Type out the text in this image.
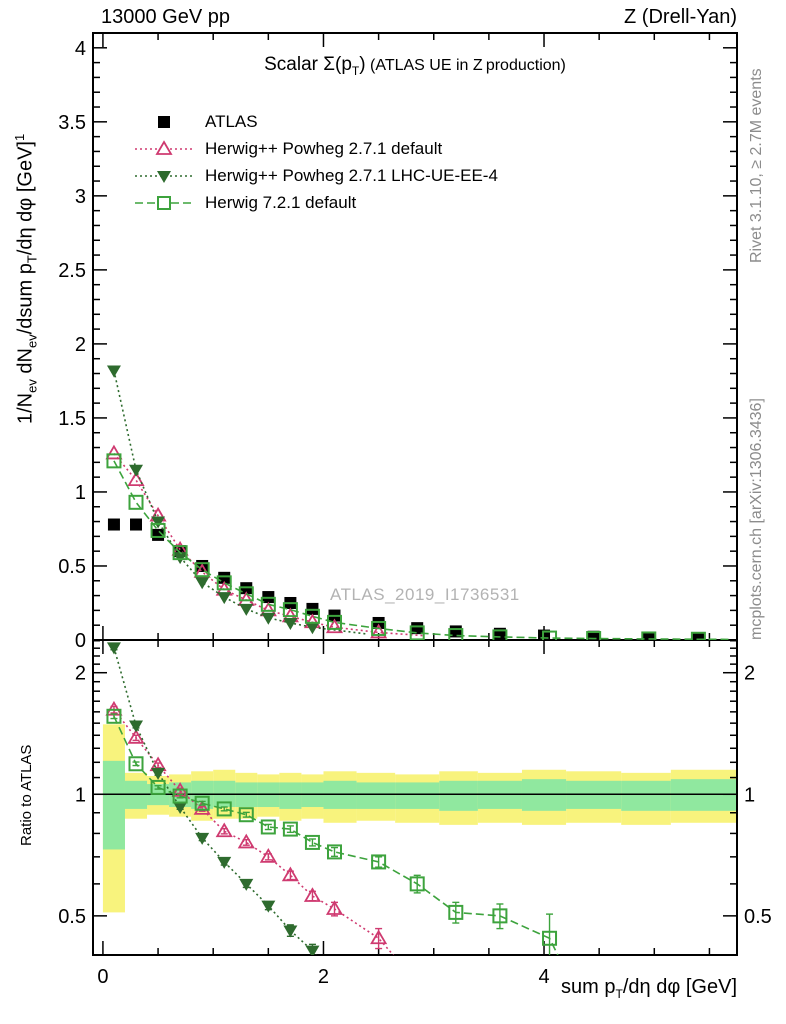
0
0.5
1
1.5
2
2.5
3
3.5
4
0.5	0.5
1	1
2	2
0	2	4
13000 GeV pp	Z (Drell-Yan)
Scalar $\Sigma(p_T)$ (ATLAS UE in Z production)
ATLAS
Herwig++ Powheg 2.7.1 default
Herwig++ Powheg 2.7.1 LHC-UE-EE-4
Herwig 7.2.1 default
ATLAS_2019_I1736531
Rivet 3.1.10, ≥ 2.7M events
mcplots.cern.ch [arXiv:1306.3436]
$1/N_{ev}$ $dN_{ev}$/dsum $p_T/d\eta$ dφ [GeV]$^1$
Ratio to ATLAS
sum $p_T/d\eta$ dφ [GeV]
